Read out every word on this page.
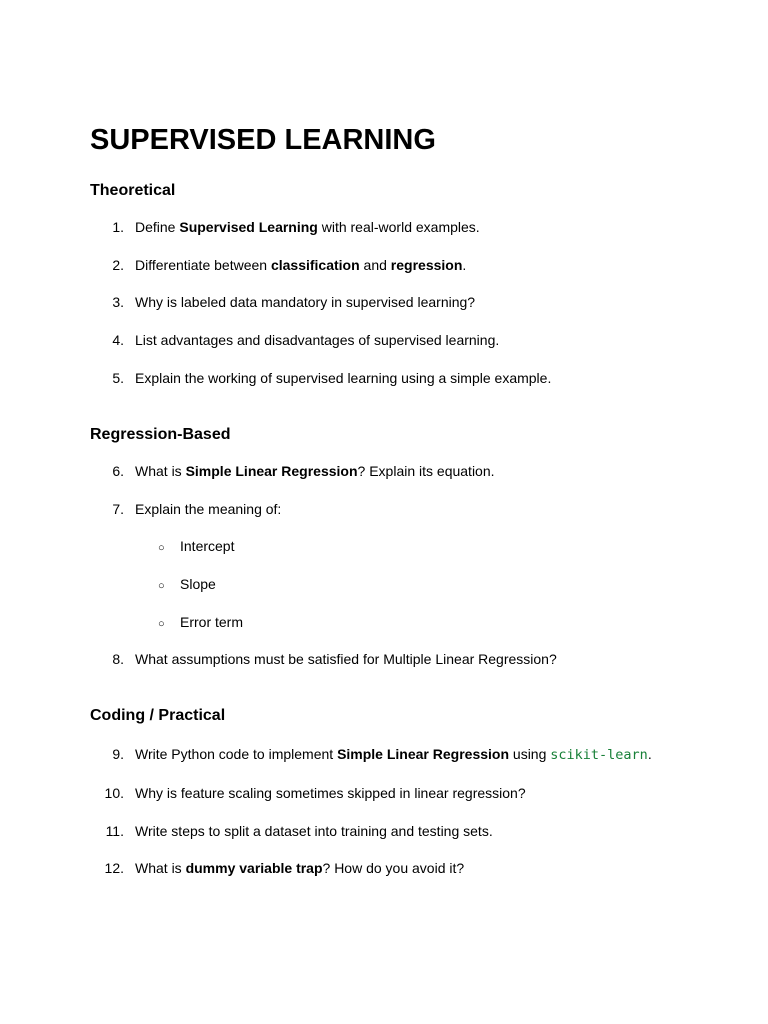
SUPERVISED LEARNING
Theoretical
1. Define Supervised Learning with real-world examples.
2. Differentiate between classification and regression.
3. Why is labeled data mandatory in supervised learning?
4. List advantages and disadvantages of supervised learning.
5. Explain the working of supervised learning using a simple example.
Regression-Based
6. What is Simple Linear Regression? Explain its equation.
7. Explain the meaning of:
○ Intercept
○ Slope
○ Error term
8. What assumptions must be satisfied for Multiple Linear Regression?
Coding / Practical
9. Write Python code to implement Simple Linear Regression using scikit-learn.
10. Why is feature scaling sometimes skipped in linear regression?
11. Write steps to split a dataset into training and testing sets.
12. What is dummy variable trap? How do you avoid it?
